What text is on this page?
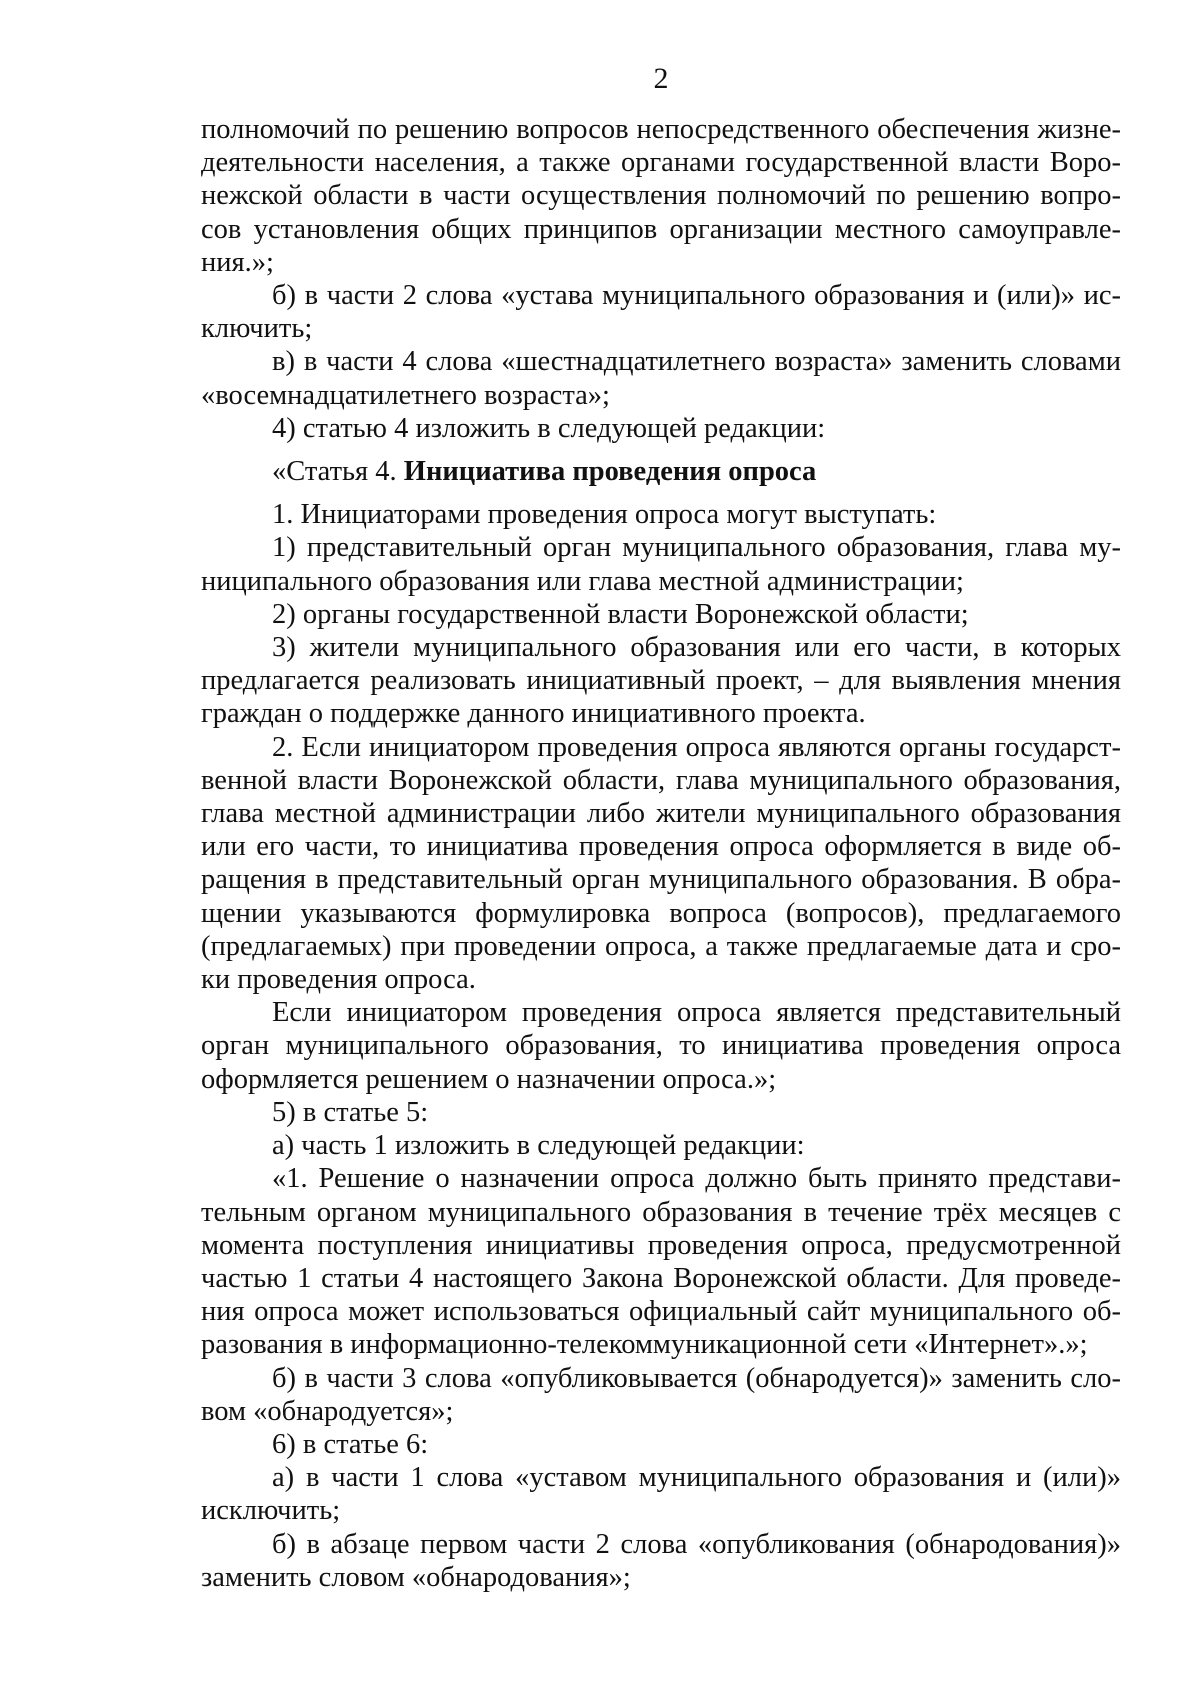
2
полномочий по решению вопросов непосредственного обеспечения жизне-
деятельности населения, а также органами государственной власти Воро-
нежской области в части осуществления полномочий по решению вопро-
сов установления общих принципов организации местного самоуправле-
ния.»;
б) в части 2 слова «устава муниципального образования и (или)» ис-
ключить;
в) в части 4 слова «шестнадцатилетнего возраста» заменить словами
«восемнадцатилетнего возраста»;
4) статью 4 изложить в следующей редакции:
«Статья 4. Инициатива проведения опроса
1. Инициаторами проведения опроса могут выступать:
1) представительный орган муниципального образования, глава му-
ниципального образования или глава местной администрации;
2) органы государственной власти Воронежской области;
3) жители муниципального образования или его части, в которых
предлагается реализовать инициативный проект, – для выявления мнения
граждан о поддержке данного инициативного проекта.
2. Если инициатором проведения опроса являются органы государст-
венной власти Воронежской области, глава муниципального образования,
глава местной администрации либо жители муниципального образования
или его части, то инициатива проведения опроса оформляется в виде об-
ращения в представительный орган муниципального образования. В обра-
щении указываются формулировка вопроса (вопросов), предлагаемого
(предлагаемых) при проведении опроса, а также предлагаемые дата и сро-
ки проведения опроса.
Если инициатором проведения опроса является представительный
орган муниципального образования, то инициатива проведения опроса
оформляется решением о назначении опроса.»;
5) в статье 5:
а) часть 1 изложить в следующей редакции:
«1. Решение о назначении опроса должно быть принято представи-
тельным органом муниципального образования в течение трёх месяцев с
момента поступления инициативы проведения опроса, предусмотренной
частью 1 статьи 4 настоящего Закона Воронежской области. Для проведе-
ния опроса может использоваться официальный сайт муниципального об-
разования в информационно-телекоммуникационной сети «Интернет».»;
б) в части 3 слова «опубликовывается (обнародуется)» заменить сло-
вом «обнародуется»;
6) в статье 6:
а) в части 1 слова «уставом муниципального образования и (или)»
исключить;
б) в абзаце первом части 2 слова «опубликования (обнародования)»
заменить словом «обнародования»;
